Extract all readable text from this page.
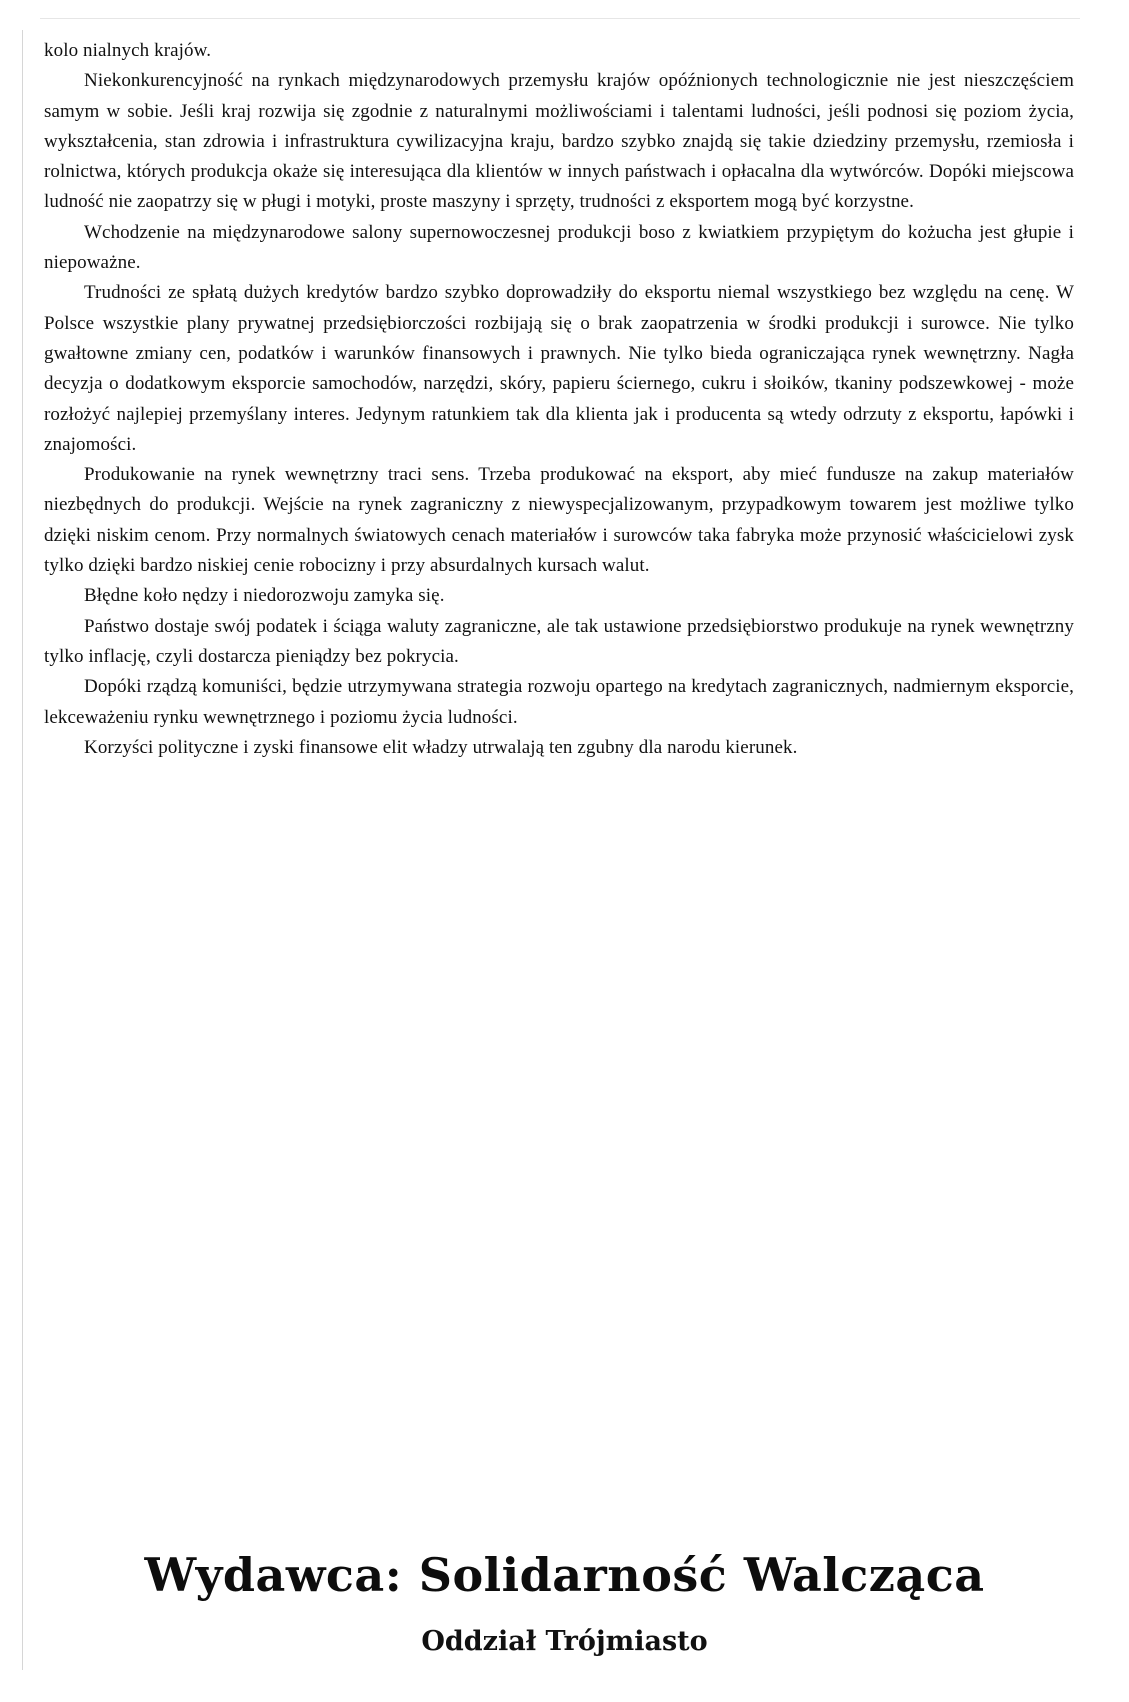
kolo nialnych krajów.

Niekonkurencyjność na rynkach międzynarodowych przemysłu krajów opóźnionych technologicznie nie jest nieszczęściem samym w sobie. Jeśli kraj rozwija się zgodnie z naturalnymi możliwościami i talentami ludności, jeśli podnosi się poziom życia, wykształcenia, stan zdrowia i infrastruktura cywilizacyjna kraju, bardzo szybko znajdą się takie dziedziny przemysłu, rzemiosła i rolnictwa, których produkcja okaże się interesująca dla klientów w innych państwach i opłacalna dla wytwórców. Dopóki miejscowa ludność nie zaopatrzy się w pługi i motyki, proste maszyny i sprzęty, trudności z eksportem mogą być korzystne.

Wchodzenie na międzynarodowe salony supernowoczesnej produkcji boso z kwiatkiem przypiętym do kożucha jest głupie i niepoważne.

Trudności ze spłatą dużych kredytów bardzo szybko doprowadziły do eksportu niemal wszystkiego bez względu na cenę. W Polsce wszystkie plany prywatnej przedsiębiorczości rozbijają się o brak zaopatrzenia w środki produkcji i surowce. Nie tylko gwałtowne zmiany cen, podatków i warunków finansowych i prawnych. Nie tylko bieda ograniczająca rynek wewnętrzny. Nagła decyzja o dodatkowym eksporcie samochodów, narzędzi, skóry, papieru ściernego, cukru i słoików, tkaniny podszewkowej - może rozłożyć najlepiej przemyślany interes. Jedynym ratunkiem tak dla klienta jak i producenta są wtedy odrzuty z eksportu, łapówki i znajomości.

Produkowanie na rynek wewnętrzny traci sens. Trzeba produkować na eksport, aby mieć fundusze na zakup materiałów niezbędnych do produkcji. Wejście na rynek zagraniczny z niewyspecjalizowanym, przypadkowym towarem jest możliwe tylko dzięki niskim cenom. Przy normalnych światowych cenach materiałów i surowców taka fabryka może przynosić właścicielowi zysk tylko dzięki bardzo niskiej cenie robocizny i przy absurdalnych kursach walut.

Błędne koło nędzy i niedorozwoju zamyka się.

Państwo dostaje swój podatek i ściąga waluty zagraniczne, ale tak ustawione przedsiębiorstwo produkuje na rynek wewnętrzny tylko inflację, czyli dostarcza pieniądzy bez pokrycia.

Dopóki rządzą komuniści, będzie utrzymywana strategia rozwoju opartego na kredytach zagranicznych, nadmiernym eksporcie, lekceważeniu rynku wewnętrznego i poziomu życia ludności.

Korzyści polityczne i zyski finansowe elit władzy utrwalają ten zgubny dla narodu kierunek.

Wydawca: Solidarność Walcząca
Oddział Trójmiasto
